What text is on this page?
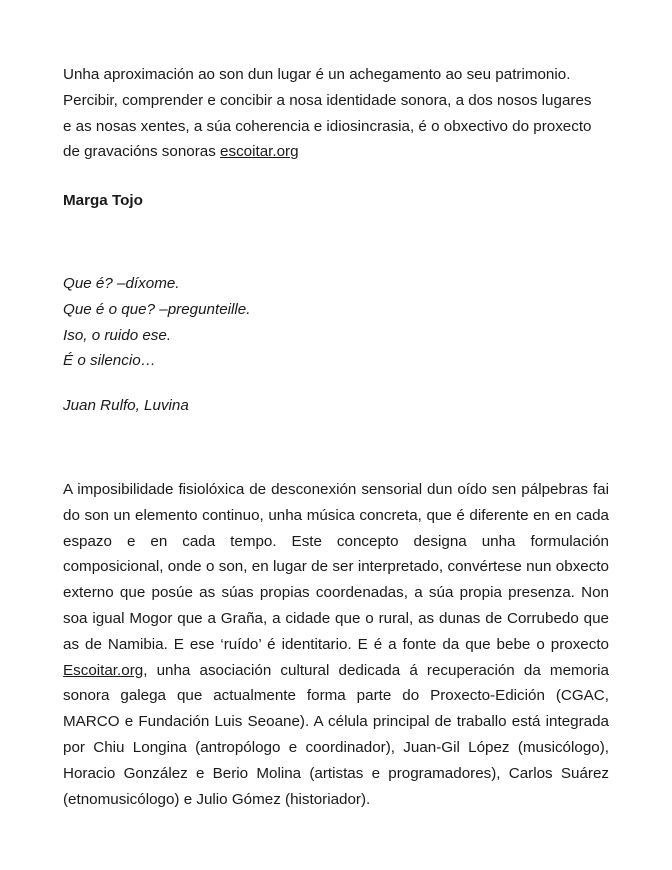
Unha aproximación ao son dun lugar é un achegamento ao seu patrimonio.
Percibir, comprender e concibir a nosa identidade sonora, a dos nosos lugares
e as nosas xentes, a súa coherencia e idiosincrasia, é o obxectivo do proxecto
de gravacións sonoras escoitar.org
Marga Tojo
Que é? –díxome.
Que é o que? –pregunteille.
Iso, o ruido ese.
É o silencio…
Juan Rulfo, Luvina

A imposibilidade fisiolóxica de desconexión sensorial dun oído sen pálpebras fai do son un elemento continuo, unha música concreta, que é diferente en en cada espazo e en cada tempo. Este concepto designa unha formulación composicional, onde o son, en lugar de ser interpretado, convértese nun obxecto externo que posúe as súas propias coordenadas, a súa propia presenza. Non soa igual Mogor que a Graña, a cidade que o rural, as dunas de Corrubedo que as de Namibia. E ese ‘ruído’ é identitario. E é a fonte da que bebe o proxecto Escoitar.org, unha asociación cultural dedicada á recuperación da memoria sonora galega que actualmente forma parte do Proxecto-Edición (CGAC, MARCO e Fundación Luis Seoane). A célula principal de traballo está integrada por Chiu Longina (antropólogo e coordinador), Juan-Gil López (musicólogo), Horacio González e Berio Molina (artistas e programadores), Carlos Suárez (etnomusicólogo) e Julio Gómez (historiador).
